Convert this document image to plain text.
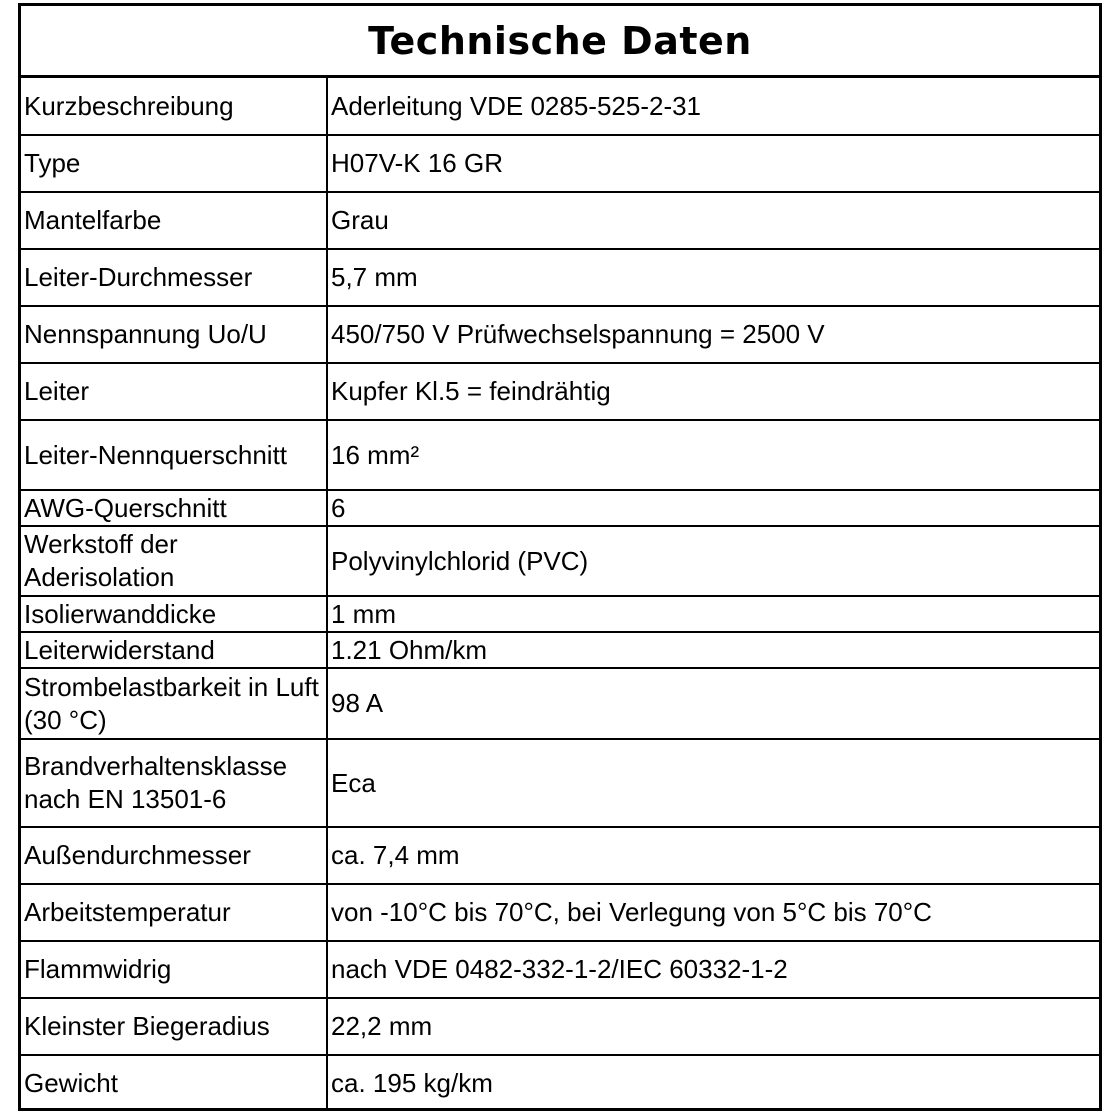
Technische Daten
Kurzbeschreibung	Aderleitung VDE 0285-525-2-31
Type	H07V-K 16 GR
Mantelfarbe	Grau
Leiter-Durchmesser	5,7 mm
Nennspannung Uo/U	450/750 V Prüfwechselspannung = 2500 V
Leiter	Kupfer Kl.5 = feindrähtig
Leiter-Nennquerschnitt	16 mm²
AWG-Querschnitt	6
Werkstoff der Aderisolation	Polyvinylchlorid (PVC)
Isolierwanddicke	1 mm
Leiterwiderstand	1.21 Ohm/km
Strombelastbarkeit in Luft (30 °C)	98 A
Brandverhaltensklasse nach EN 13501-6	Eca
Außendurchmesser	ca. 7,4 mm
Arbeitstemperatur	von -10°C bis 70°C, bei Verlegung von 5°C bis 70°C
Flammwidrig	nach VDE 0482-332-1-2/IEC 60332-1-2
Kleinster Biegeradius	22,2 mm
Gewicht	ca. 195 kg/km
